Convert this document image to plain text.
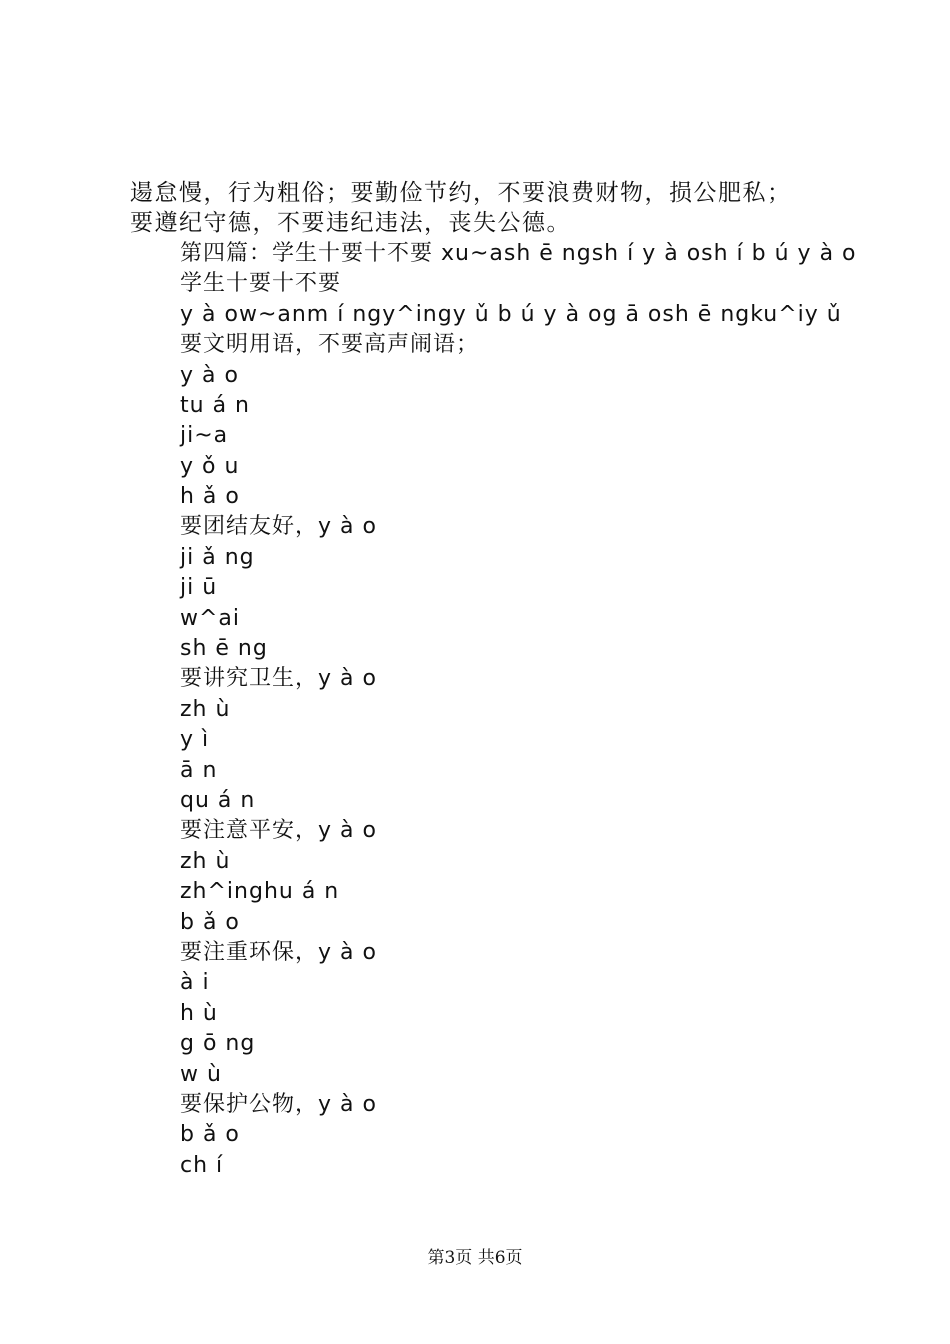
逿怠慢，行为粗俗；要勤俭节约，不要浪费财物，损公肥私；
要遵纪守德，不要违纪违法，丧失公德。
第四篇：学生十要十不要 xu~ash ē ngsh í y à osh í b ú y à o
学生十要十不要
y à ow~anm í ngy^ingy ǔ b ú y à og ā osh ē ngku^iy ǔ
要文明用语，不要高声闹语；
y à o
tu á n
ji~a
y ǒ u
h ǎ o
要团结友好，y à o
ji ǎ ng
ji ū
w^ai
sh ē ng
要讲究卫生，y à o
zh ù
y ì
ā n
qu á n
要注意平安，y à o
zh ù
zh^inghu á n
b ǎ o
要注重环保，y à o
à i
h ù
g ō ng
w ù
要保护公物，y à o
b ǎ o
ch í
第3页 共6页
